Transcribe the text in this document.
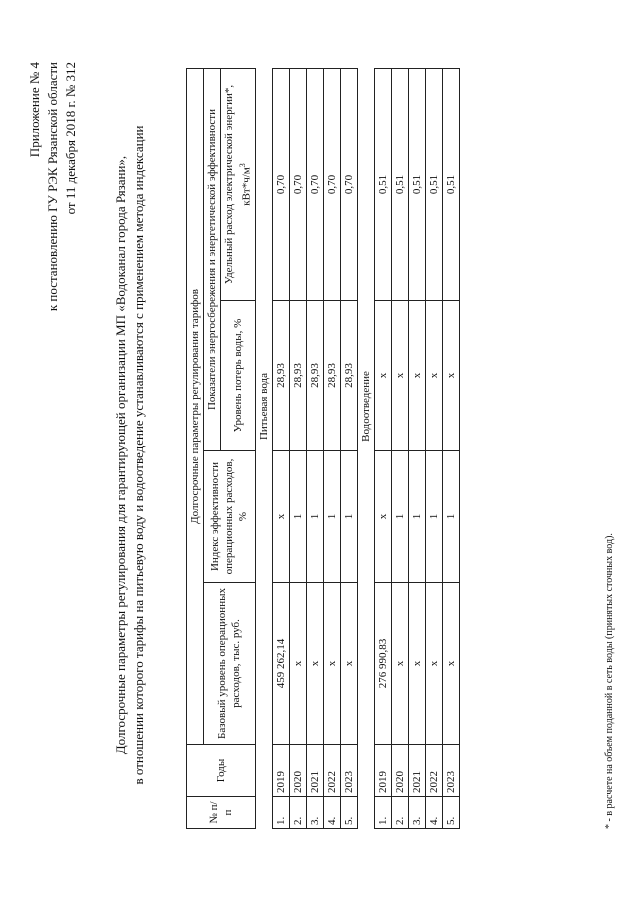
Приложение № 4 к постановлению ГУ РЭК Рязанской области от 11 декабря 2018 г. № 312
Долгосрочные параметры регулирования для гарантирующей организации МП «Водоканал города Рязани», в отношении которого тарифы на питьевую воду и водоотведение устанавливаются с применением метода индексации
№ п/п	Годы	Долгосрочные параметры регулирования тарифов			
		Базовый уровень операционных расходов, тыс. руб.	Индекс эффективности операционных расходов, %	Показатели энергосбережения и энергетической эффективности	
				Уровень потерь воды, %	Удельный расход электрической энергии*, $кВт*ч/м^3$
		Питьевая вода			
1.	2019	459 262,14	x	28,93	0,70
2.	2020	x	1	28,93	0,70
3.	2021	x	1	28,93	0,70
4.	2022	x	1	28,93	0,70
5.	2023	x	1	28,93	0,70
		Водоотведение			
1.	2019	276 990,83	x	x	0,51
2.	2020	x	1	x	0,51
3.	2021	x	1	x	0,51
4.	2022	x	1	x	0,51
5.	2023	x	1	x	0,51
* - в расчете на объем поданной в сеть воды (принятых сточных вод).
